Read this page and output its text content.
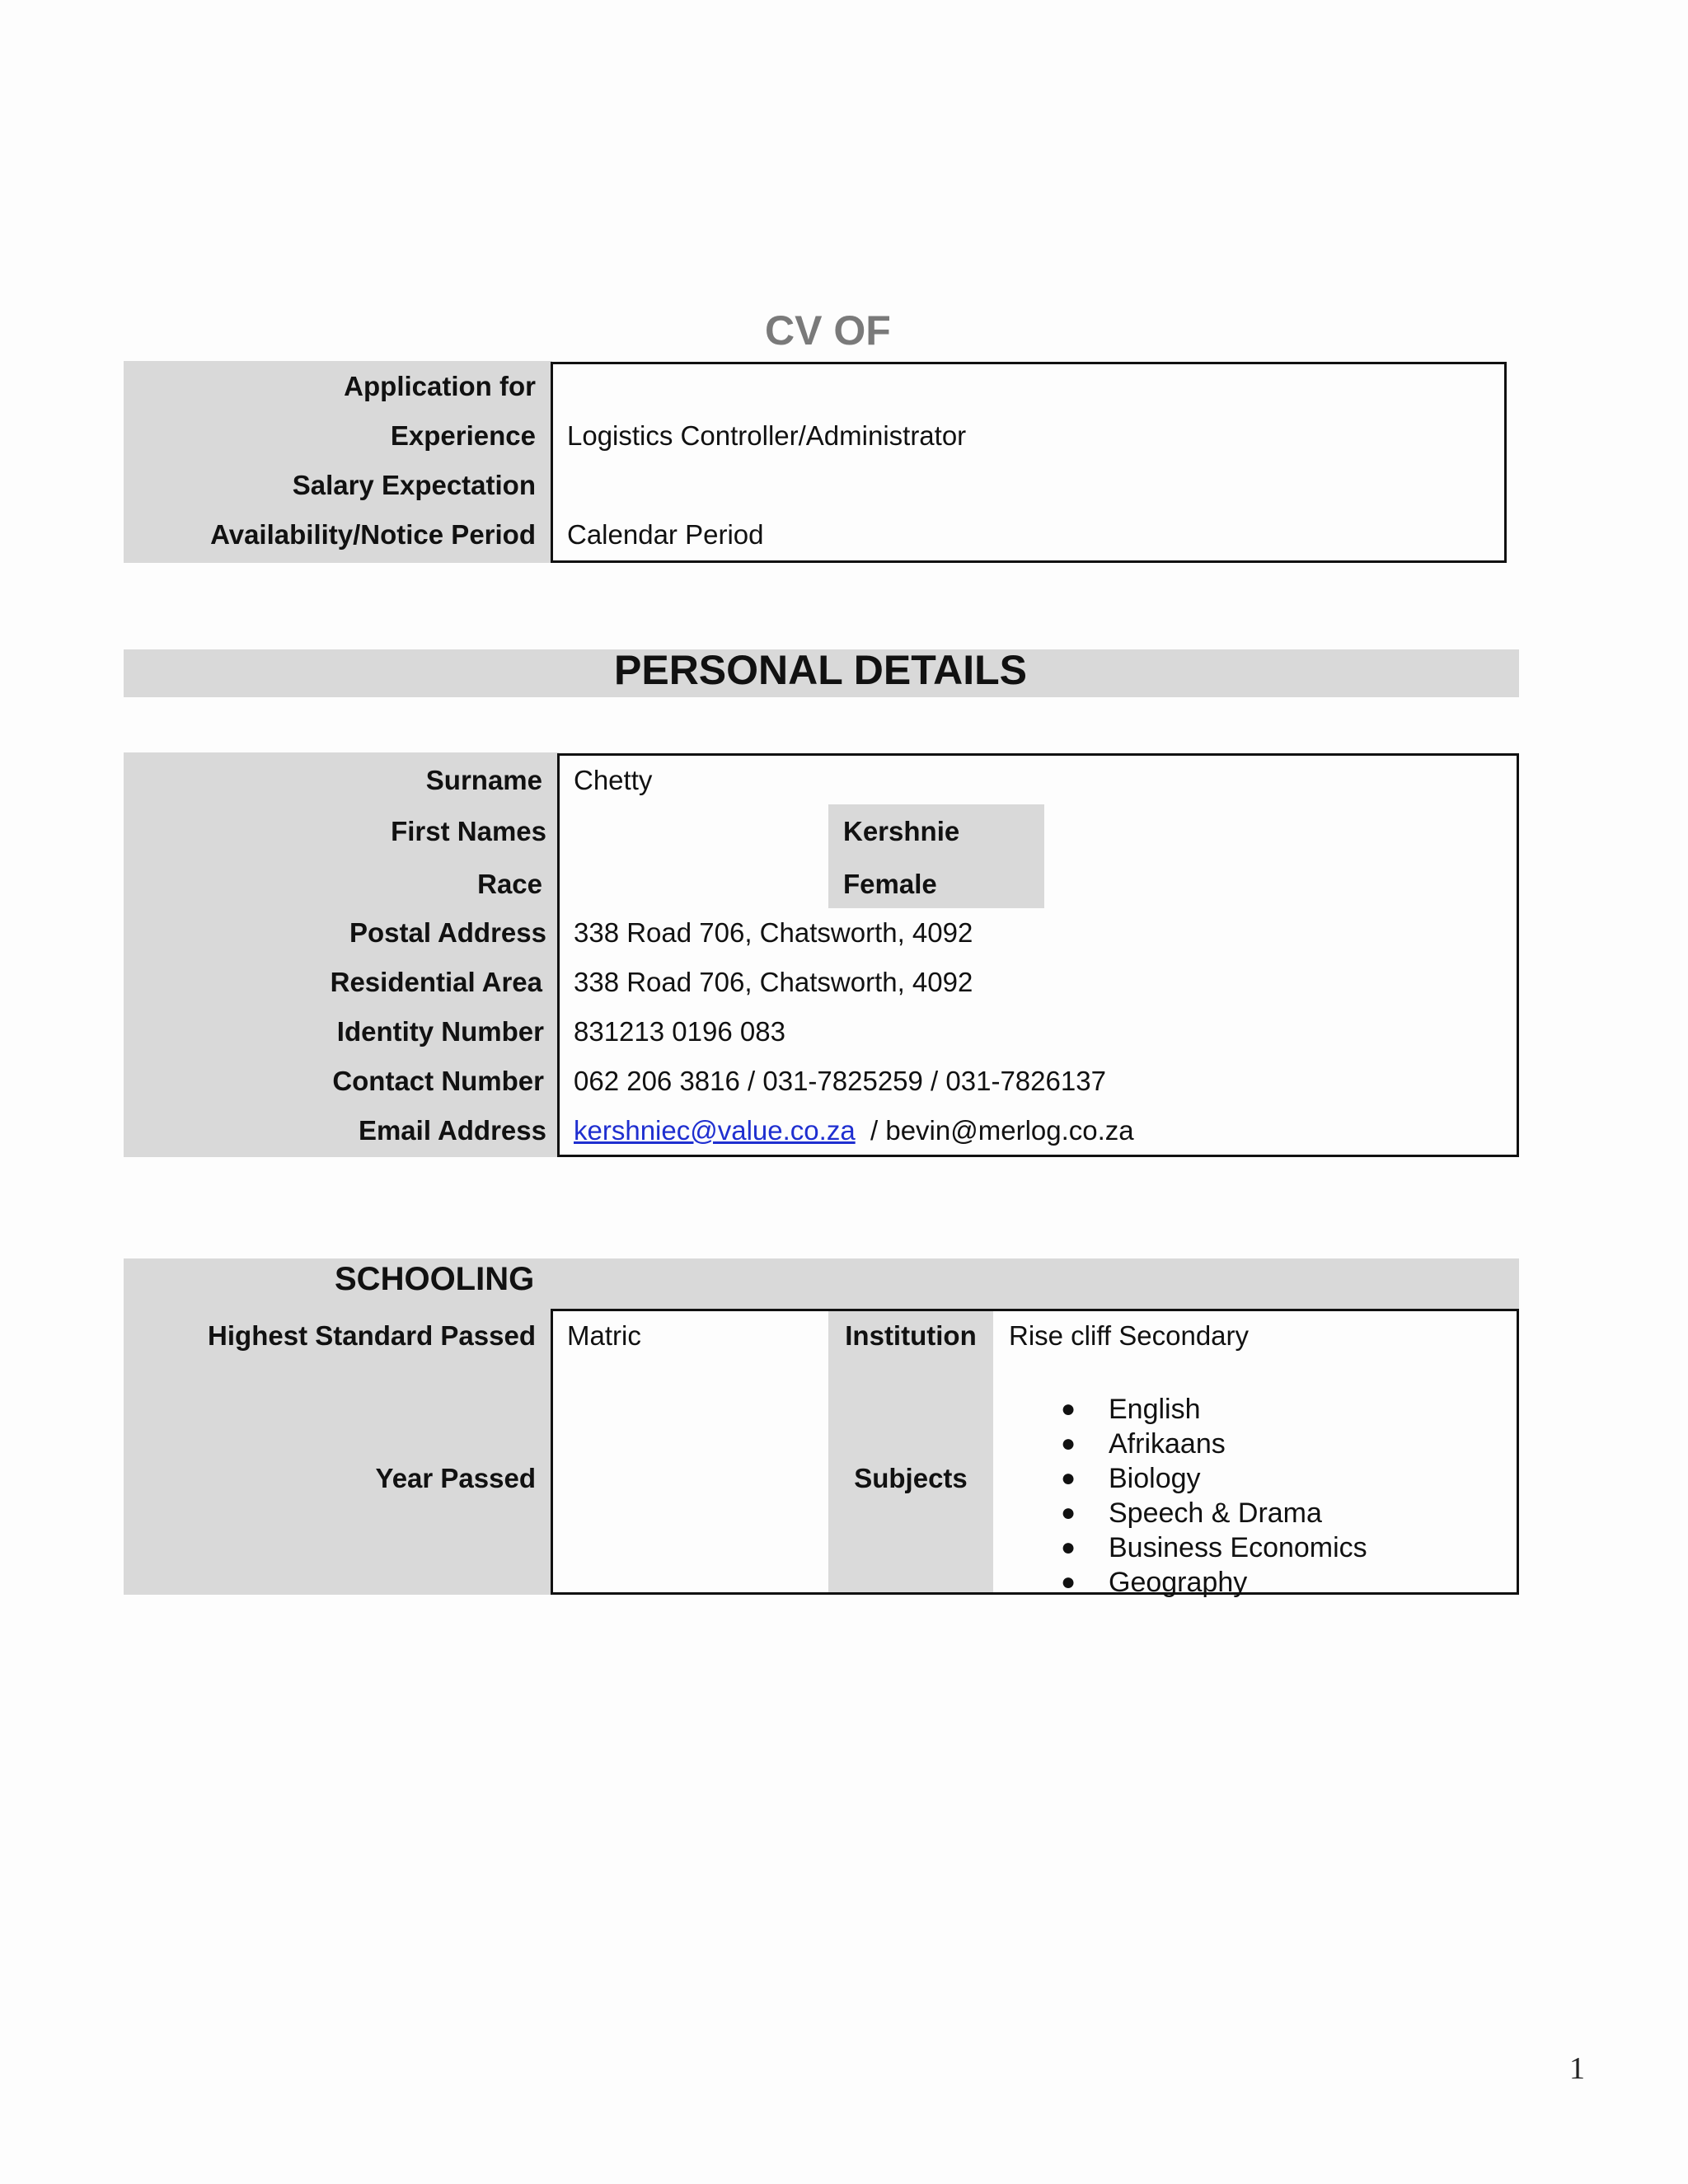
CV OF
Application for
Experience Logistics Controller/Administrator
Salary Expectation
Availability/Notice Period Calendar Period
PERSONAL DETAILS
Surname Chetty
First Names	Kershnie
Race	Female
Postal Address 338 Road 706, Chatsworth, 4092
Residential Area 338 Road 706, Chatsworth, 4092
Identity Number 831213 0196 083
Contact Number 062 206 3816 / 031-7825259 / 031-7826137
Email Address kershniec@value.co.za  / bevin@merlog.co.za
SCHOOLING
Highest Standard Passed Matric	Institution	Rise cliff Secondary
Year Passed	Subjects
● English
● Afrikaans
● Biology
● Speech & Drama
● Business Economics
● Geography
1
